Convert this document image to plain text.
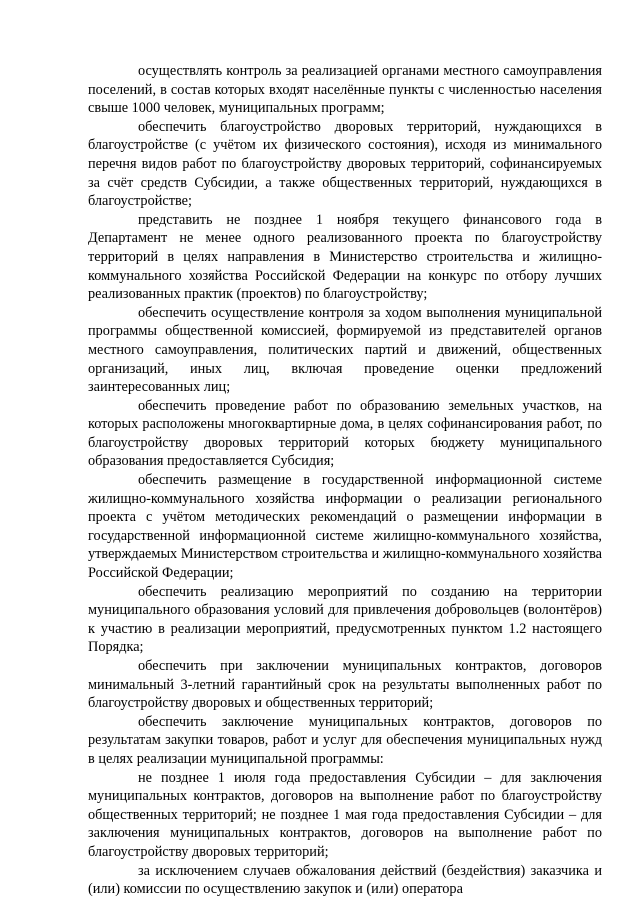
осуществлять контроль за реализацией органами местного самоуправления поселений, в состав которых входят населённые пункты с численностью населения свыше 1000 человек, муниципальных программ;

обеспечить благоустройство дворовых территорий, нуждающихся в благоустройстве (с учётом их физического состояния), исходя из минимального перечня видов работ по благоустройству дворовых территорий, софинансируемых за счёт средств Субсидии, а также общественных территорий, нуждающихся в благоустройстве;

представить не позднее 1 ноября текущего финансового года в Департамент не менее одного реализованного проекта по благоустройству территорий в целях направления в Министерство строительства и жилищно-коммунального хозяйства Российской Федерации на конкурс по отбору лучших реализованных практик (проектов) по благоустройству;

обеспечить осуществление контроля за ходом выполнения муниципальной программы общественной комиссией, формируемой из представителей органов местного самоуправления, политических партий и движений, общественных организаций, иных лиц, включая проведение оценки предложений заинтересованных лиц;

обеспечить проведение работ по образованию земельных участков, на которых расположены многоквартирные дома, в целях софинансирования работ, по благоустройству дворовых территорий которых бюджету муниципального образования предоставляется Субсидия;

обеспечить размещение в государственной информационной системе жилищно-коммунального хозяйства информации о реализации регионального проекта с учётом методических рекомендаций о размещении информации в государственной информационной системе жилищно-коммунального хозяйства, утверждаемых Министерством строительства и жилищно-коммунального хозяйства Российской Федерации;

обеспечить реализацию мероприятий по созданию на территории муниципального образования условий для привлечения добровольцев (волонтёров) к участию в реализации мероприятий, предусмотренных пунктом 1.2 настоящего Порядка;

обеспечить при заключении муниципальных контрактов, договоров минимальный 3-летний гарантийный срок на результаты выполненных работ по благоустройству дворовых и общественных территорий;

обеспечить заключение муниципальных контрактов, договоров по результатам закупки товаров, работ и услуг для обеспечения муниципальных нужд в целях реализации муниципальной программы:

не позднее 1 июля года предоставления Субсидии – для заключения муниципальных контрактов, договоров на выполнение работ по благоустройству общественных территорий; не позднее 1 мая года предоставления Субсидии – для заключения муниципальных контрактов, договоров на выполнение работ по благоустройству дворовых территорий;

за исключением случаев обжалования действий (бездействия) заказчика и (или) комиссии по осуществлению закупок и (или) оператора
